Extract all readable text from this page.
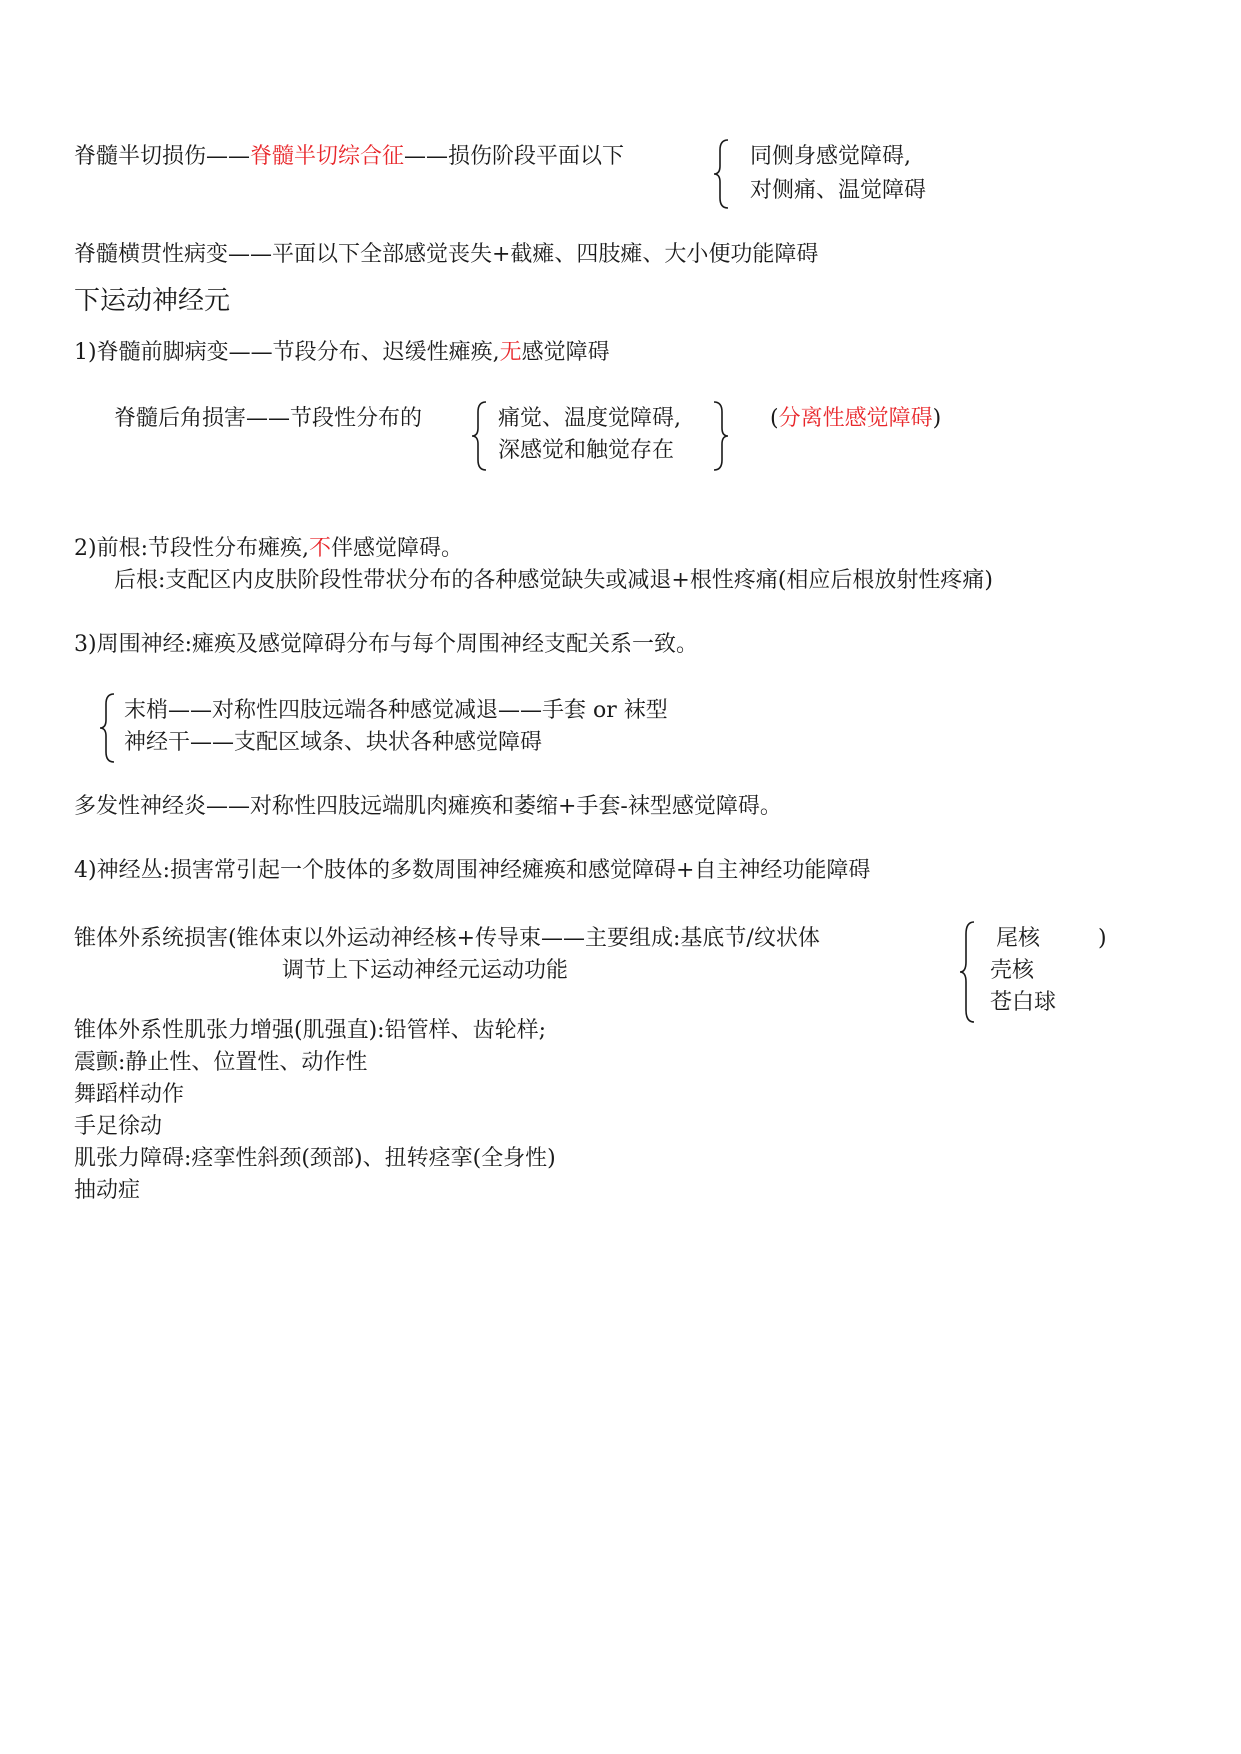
脊髓半切损伤——脊髓半切综合征——损伤阶段平面以下	同侧身感觉障碍,
对侧痛、温觉障碍
脊髓横贯性病变——平面以下全部感觉丧失+截瘫、四肢瘫、大小便功能障碍
下运动神经元
1)脊髓前脚病变——节段分布、迟缓性瘫痪,无感觉障碍
脊髓后角损害——节段性分布的	痛觉、温度觉障碍,
深感觉和触觉存在
(分离性感觉障碍)
2)前根:节段性分布瘫痪,不伴感觉障碍。
后根:支配区内皮肤阶段性带状分布的各种感觉缺失或减退+根性疼痛(相应后根放射性疼痛)
3)周围神经:瘫痪及感觉障碍分布与每个周围神经支配关系一致。
末梢——对称性四肢远端各种感觉减退——手套 or 袜型
神经干——支配区域条、块状各种感觉障碍
多发性神经炎——对称性四肢远端肌肉瘫痪和萎缩+手套-袜型感觉障碍。
4)神经丛:损害常引起一个肢体的多数周围神经瘫痪和感觉障碍+自主神经功能障碍
锥体外系统损害(锥体束以外运动神经核+传导束——主要组成:基底节/纹状体
调节上下运动神经元运动功能
尾核	)
壳核
苍白球
锥体外系性肌张力增强(肌强直):铅管样、齿轮样;
震颤:静止性、位置性、动作性
舞蹈样动作
手足徐动
肌张力障碍:痉挛性斜颈(颈部)、扭转痉挛(全身性)
抽动症
